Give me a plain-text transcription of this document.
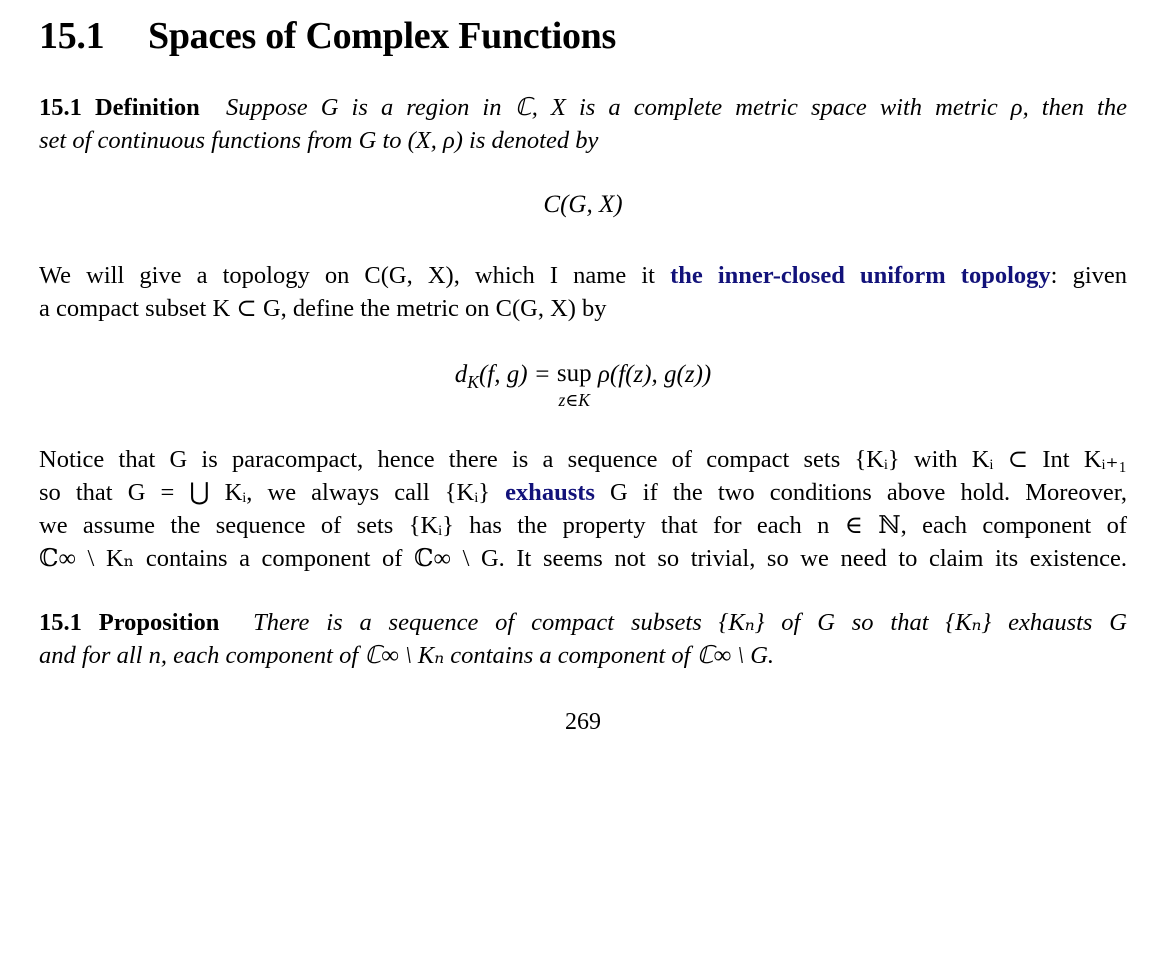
15.1 Spaces of Complex Functions
15.1 Definition Suppose G is a region in ℂ, X is a complete metric space with metric ρ, then the
set of continuous functions from G to (X, ρ) is denoted by
C(G, X)
We will give a topology on C(G, X), which I name it the inner-closed uniform topology: given
a compact subset K ⊂ G, define the metric on C(G, X) by
$d_K(f$, g) = sup
z∈K
ρ(f(z), g(z))
Notice that G is paracompact, hence there is a sequence of compact sets {Kᵢ} with Kᵢ ⊂ Int Kᵢ₊₁
so that G = ⋃ Kᵢ, we always call {Kᵢ} exhausts G if the two conditions above hold. Moreover,
we assume the sequence of sets {Kᵢ} has the property that for each n ∈ ℕ, each component of
ℂ∞ \ Kₙ contains a component of ℂ∞ \ G. It seems not so trivial, so we need to claim its existence.
15.1 Proposition There is a sequence of compact subsets {Kₙ} of G so that {Kₙ} exhausts G
and for all n, each component of ℂ∞ \ Kₙ contains a component of ℂ∞ \ G.
269
